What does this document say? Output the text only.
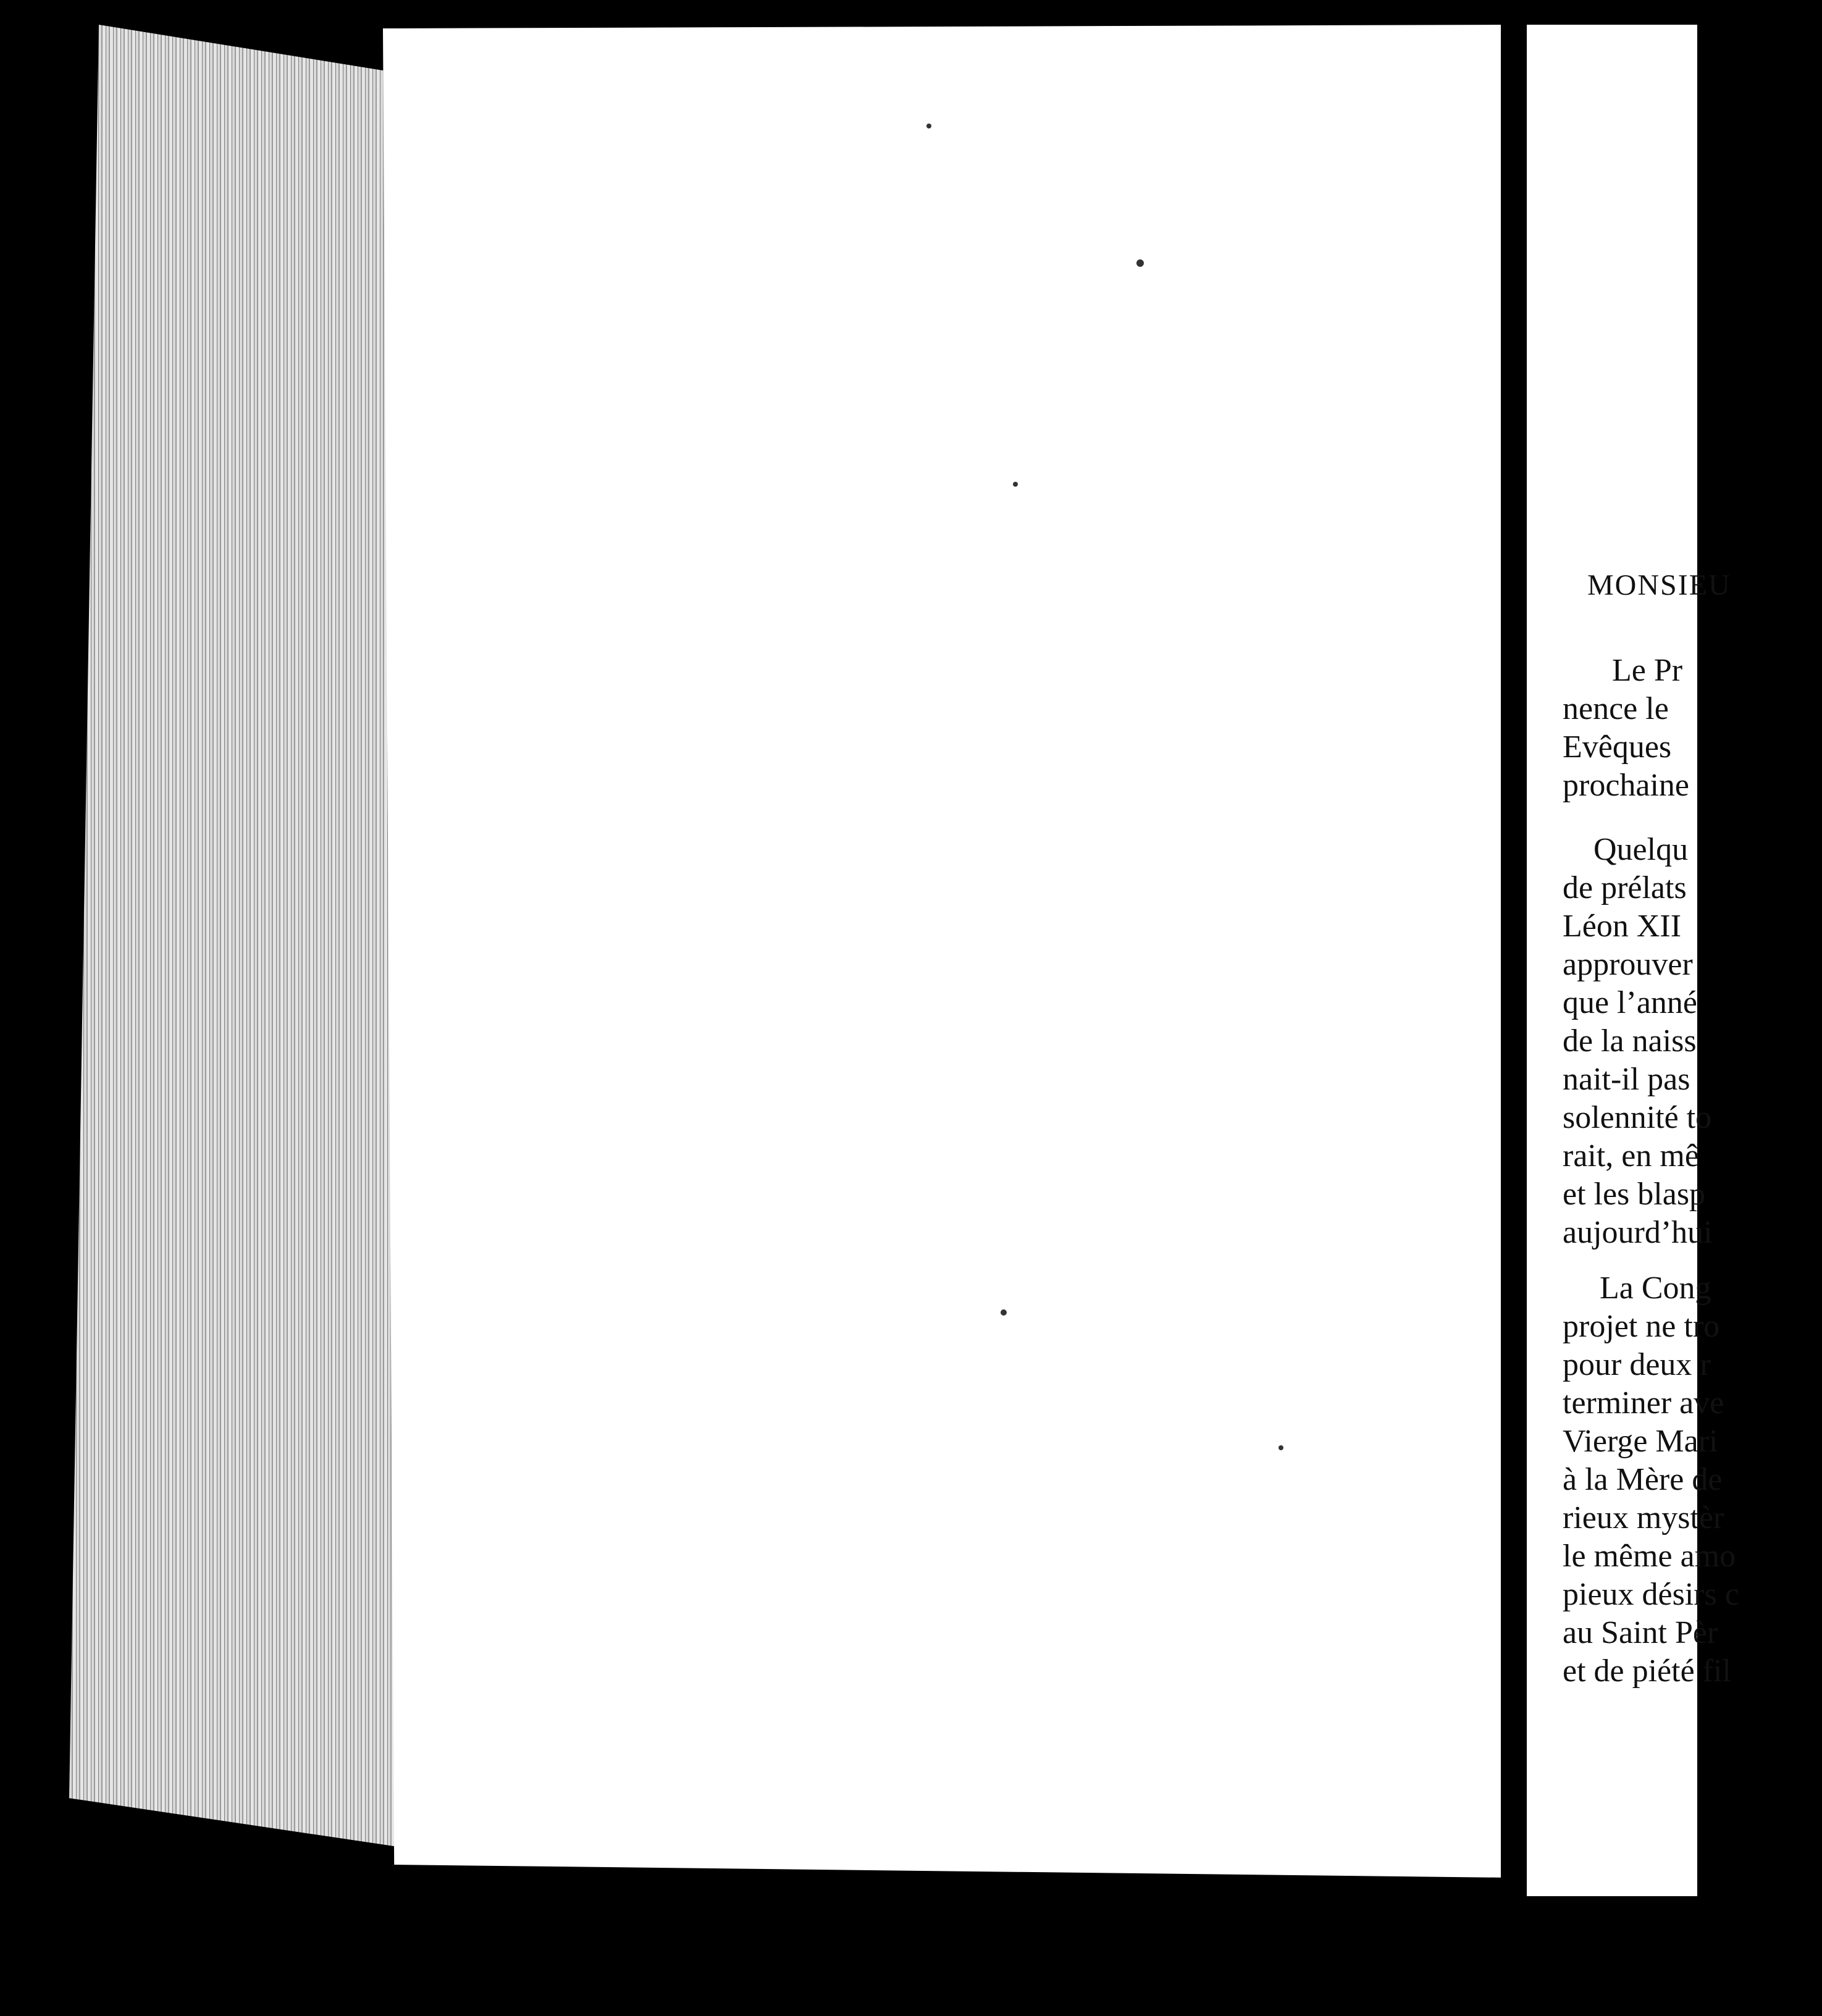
MONSIEU
Le Pr
nence le
Evêques
prochaine
Quelqu
de prélats
Léon XII
approuver
que l’anné
de la naiss
nait-il pas
solennité to
rait, en mê
et les blasp
aujourd’hui
La Cong
projet ne tro
pour deux r
terminer ave
Vierge Mari
à la Mère de
rieux mystèr
le même amo
pieux désirs c
au Saint Pèr
et de piété fil
